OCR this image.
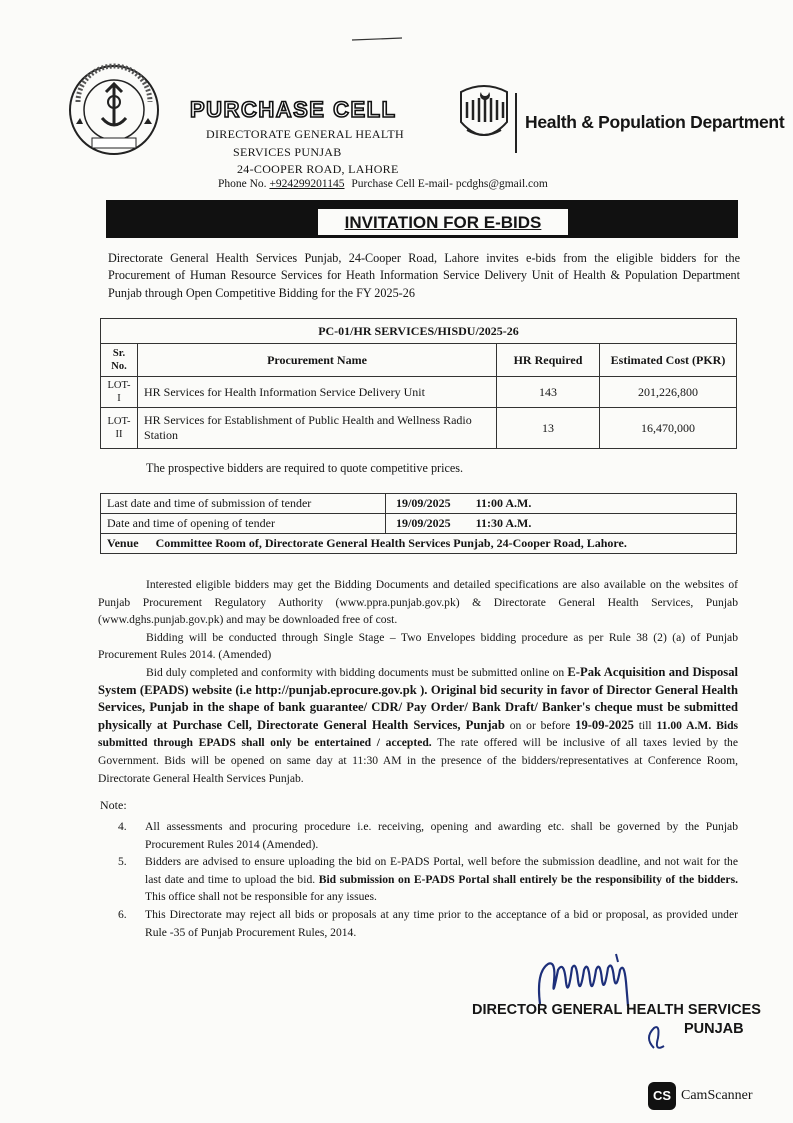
PURCHASE CELL
DIRECTORATE GENERAL HEALTH
SERVICES PUNJAB
24-COOPER ROAD, LAHORE
Phone No. +924299201145 Purchase Cell E-mail- pcdghs@gmail.com
Health & Population Department
INVITATION FOR E-BIDS
Directorate General Health Services Punjab, 24-Cooper Road, Lahore invites e-bids from the eligible bidders for the Procurement of Human Resource Services for Heath Information Service Delivery Unit of Health & Population Department Punjab through Open Competitive Bidding for the FY 2025-26
PC-01/HR SERVICES/HISDU/2025-26			
Sr. No.	Procurement Name	HR Required	Estimated Cost (PKR)
LOT-I	HR Services for Health Information Service Delivery Unit	143	201,226,800
LOT-II	HR Services for Establishment of Public Health and Wellness Radio Station	13	16,470,000
The prospective bidders are required to quote competitive prices.
Last date and time of submission of tender	19/09/2025 11:00 A.M.
Date and time of opening of tender	19/09/2025 11:30 A.M.
Venue Committee Room of, Directorate General Health Services Punjab, 24-Cooper Road, Lahore.	

Interested eligible bidders may get the Bidding Documents and detailed specifications are also available on the websites of Punjab Procurement Regulatory Authority (www.ppra.punjab.gov.pk) & Directorate General Health Services, Punjab (www.dghs.punjab.gov.pk) and may be downloaded free of cost.

Bidding will be conducted through Single Stage – Two Envelopes bidding procedure as per Rule 38 (2) (a) of Punjab Procurement Rules 2014. (Amended)

Bid duly completed and conformity with bidding documents must be submitted online on E-Pak Acquisition and Disposal System (EPADS) website (i.e http://punjab.eprocure.gov.pk ). Original bid security in favor of Director General Health Services, Punjab in the shape of bank guarantee/ CDR/ Pay Order/ Bank Draft/ Banker's cheque must be submitted physically at Purchase Cell, Directorate General Health Services, Punjab on or before 19-09-2025 till 11.00 A.M. Bids submitted through EPADS shall only be entertained / accepted. The rate offered will be inclusive of all taxes levied by the Government. Bids will be opened on same day at 11:30 AM in the presence of the bidders/representatives at Conference Room, Directorate General Health Services Punjab.

Note:
4. All assessments and procuring procedure i.e. receiving, opening and awarding etc. shall be governed by the Punjab Procurement Rules 2014 (Amended).
5. Bidders are advised to ensure uploading the bid on E-PADS Portal, well before the submission deadline, and not wait for the last date and time to upload the bid. Bid submission on E-PADS Portal shall entirely be the responsibility of the bidders. This office shall not be responsible for any issues.
6. This Directorate may reject all bids or proposals at any time prior to the acceptance of a bid or proposal, as provided under Rule -35 of Punjab Procurement Rules, 2014.
DIRECTOR GENERAL HEALTH SERVICES
PUNJAB
CS CamScanner
